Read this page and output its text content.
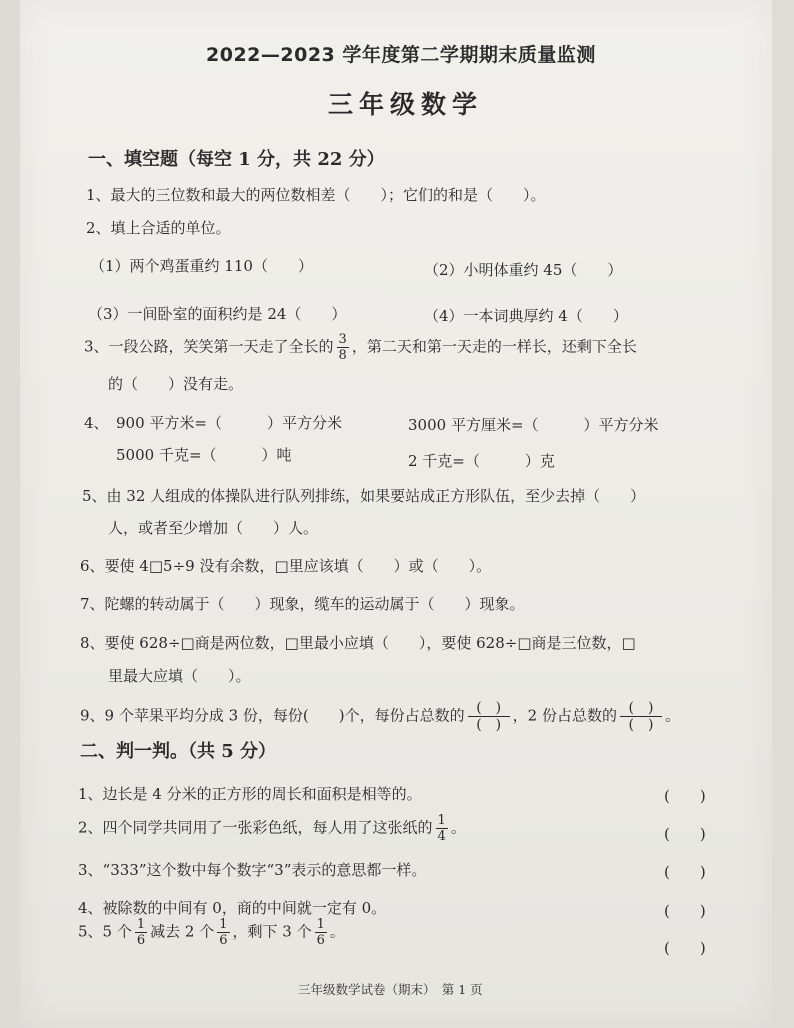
2022—2023 学年度第二学期期末质量监测
三年级数学
一、填空题（每空 1 分，共 22 分）
1、最大的三位数和最大的两位数相差（　　）；它们的和是（　　）。
2、填上合适的单位。
（1）两个鸡蛋重约 110（　　）	（2）小明体重约 45（　　）
（3）一间卧室的面积约是 24（　　）	（4）一本词典厚约 4（　　）
3、一段公路，笑笑第一天走了全长的 $\frac{3}{8}$ ，第二天和第一天走的一样长，还剩下全长
的（　　）没有走。
4、 900 平方米=（　　　）平方分米	3000 平方厘米=（　　　）平方分米
5000 千克=（　　　）吨	2 千克=（　　　）克
5、由 32 人组成的体操队进行队列排练，如果要站成正方形队伍，至少去掉（　　）
人，或者至少增加（　　）人。
6、要使 4□5÷9 没有余数，□里应该填（　　）或（　　）。
7、陀螺的转动属于（　　）现象，缆车的运动属于（　　）现象。
8、要使 628÷□商是两位数，□里最小应填（　　），要使 628÷□商是三位数，□
里最大应填（　　）。
9、9 个苹果平均分成 3 份，每份(　　)个，每份占总数的 $\frac{( )}{( )}$ ，2 份占总数的 $\frac{( )}{( )}$ 。
二、判一判。（共 5 分）
1、边长是 4 分米的正方形的周长和面积是相等的。	(　　)
2、四个同学共同用了一张彩色纸，每人用了这张纸的 $\frac{1}{4}$ 。	(　　)
3、“333”这个数中每个数字“3”表示的意思都一样。	(　　)
4、被除数的中间有 0，商的中间就一定有 0。	(　　)
5、5 个 $\frac{1}{6}$ 减去 2 个 $\frac{1}{6}$ ，剩下 3 个 $\frac{1}{6}$ 。
(　　)
三年级数学试卷（期末）　第 1 页
